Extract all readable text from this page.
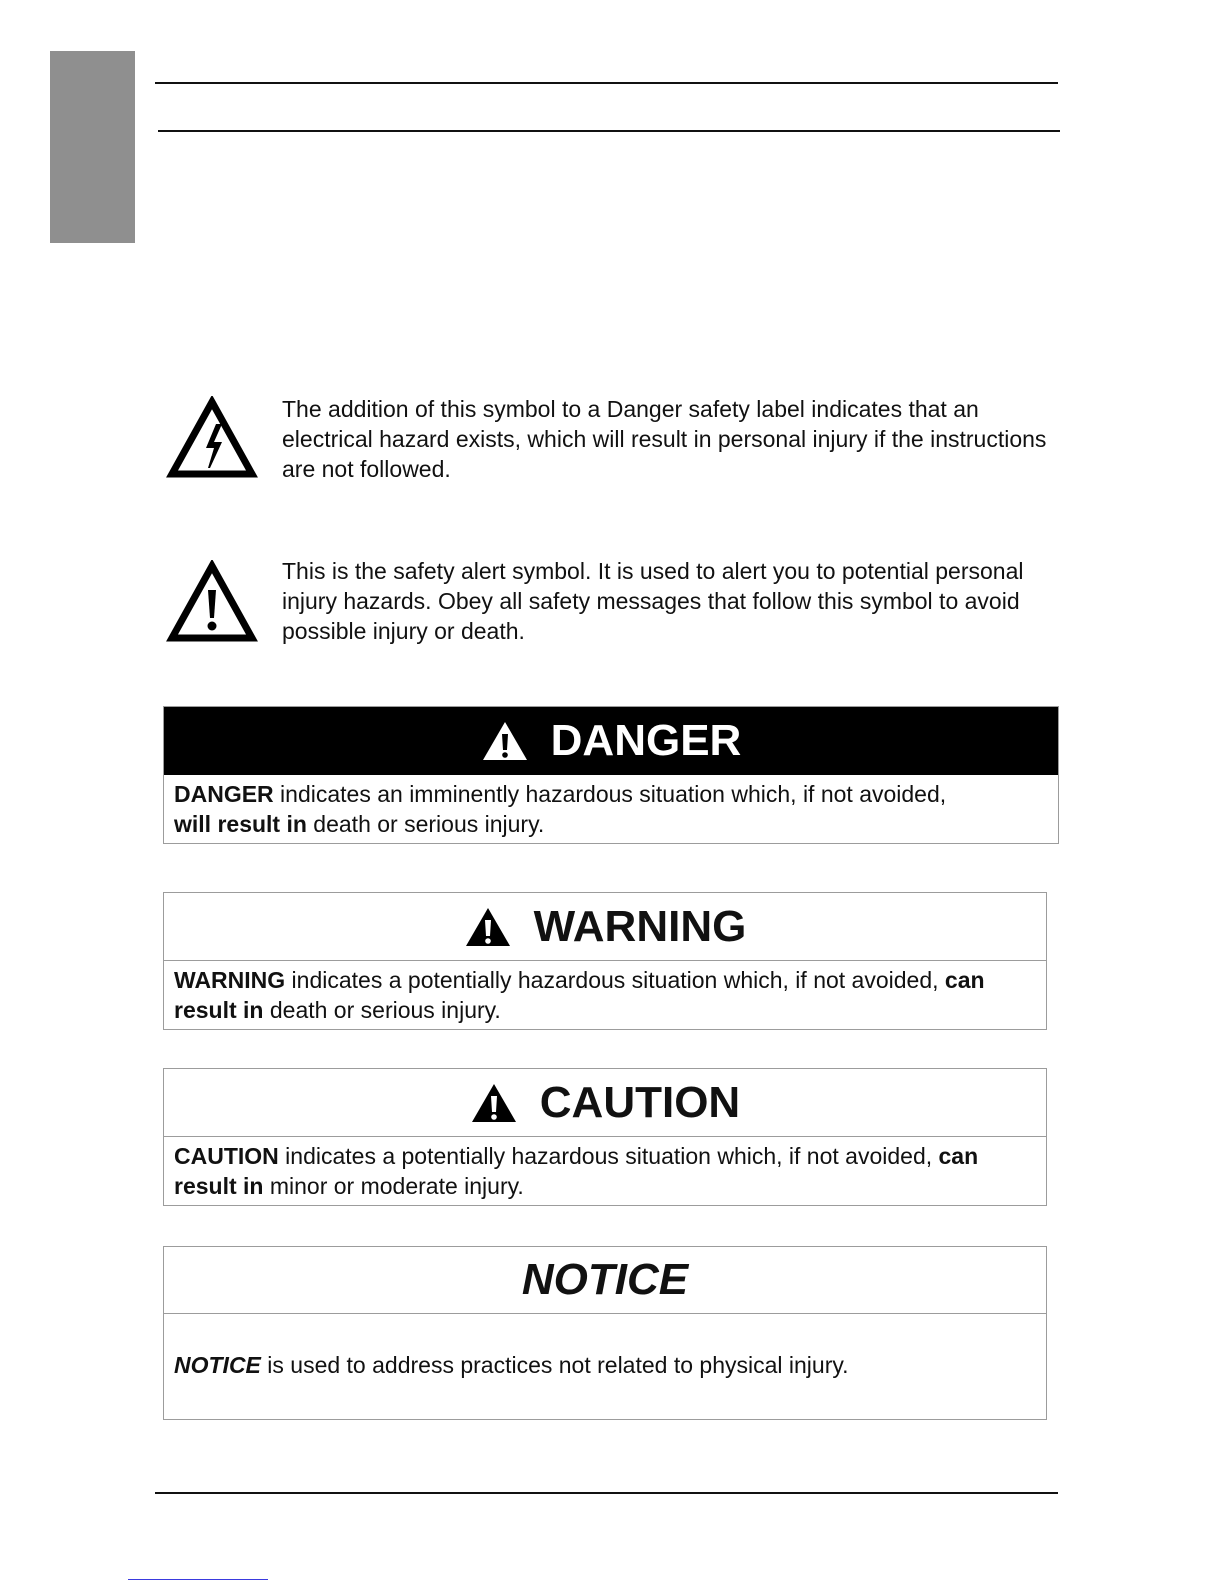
The addition of this symbol to a Danger safety label indicates that an electrical hazard exists, which will result in personal injury if the instructions are not followed.
This is the safety alert symbol. It is used to alert you to potential personal injury hazards. Obey all safety messages that follow this symbol to avoid possible injury or death.
DANGER
DANGER indicates an imminently hazardous situation which, if not avoided,
will result in death or serious injury.
WARNING
WARNING indicates a potentially hazardous situation which, if not avoided, can result in death or serious injury.
CAUTION
CAUTION indicates a potentially hazardous situation which, if not avoided, can result in minor or moderate injury.
NOTICE
NOTICE is used to address practices not related to physical injury.
